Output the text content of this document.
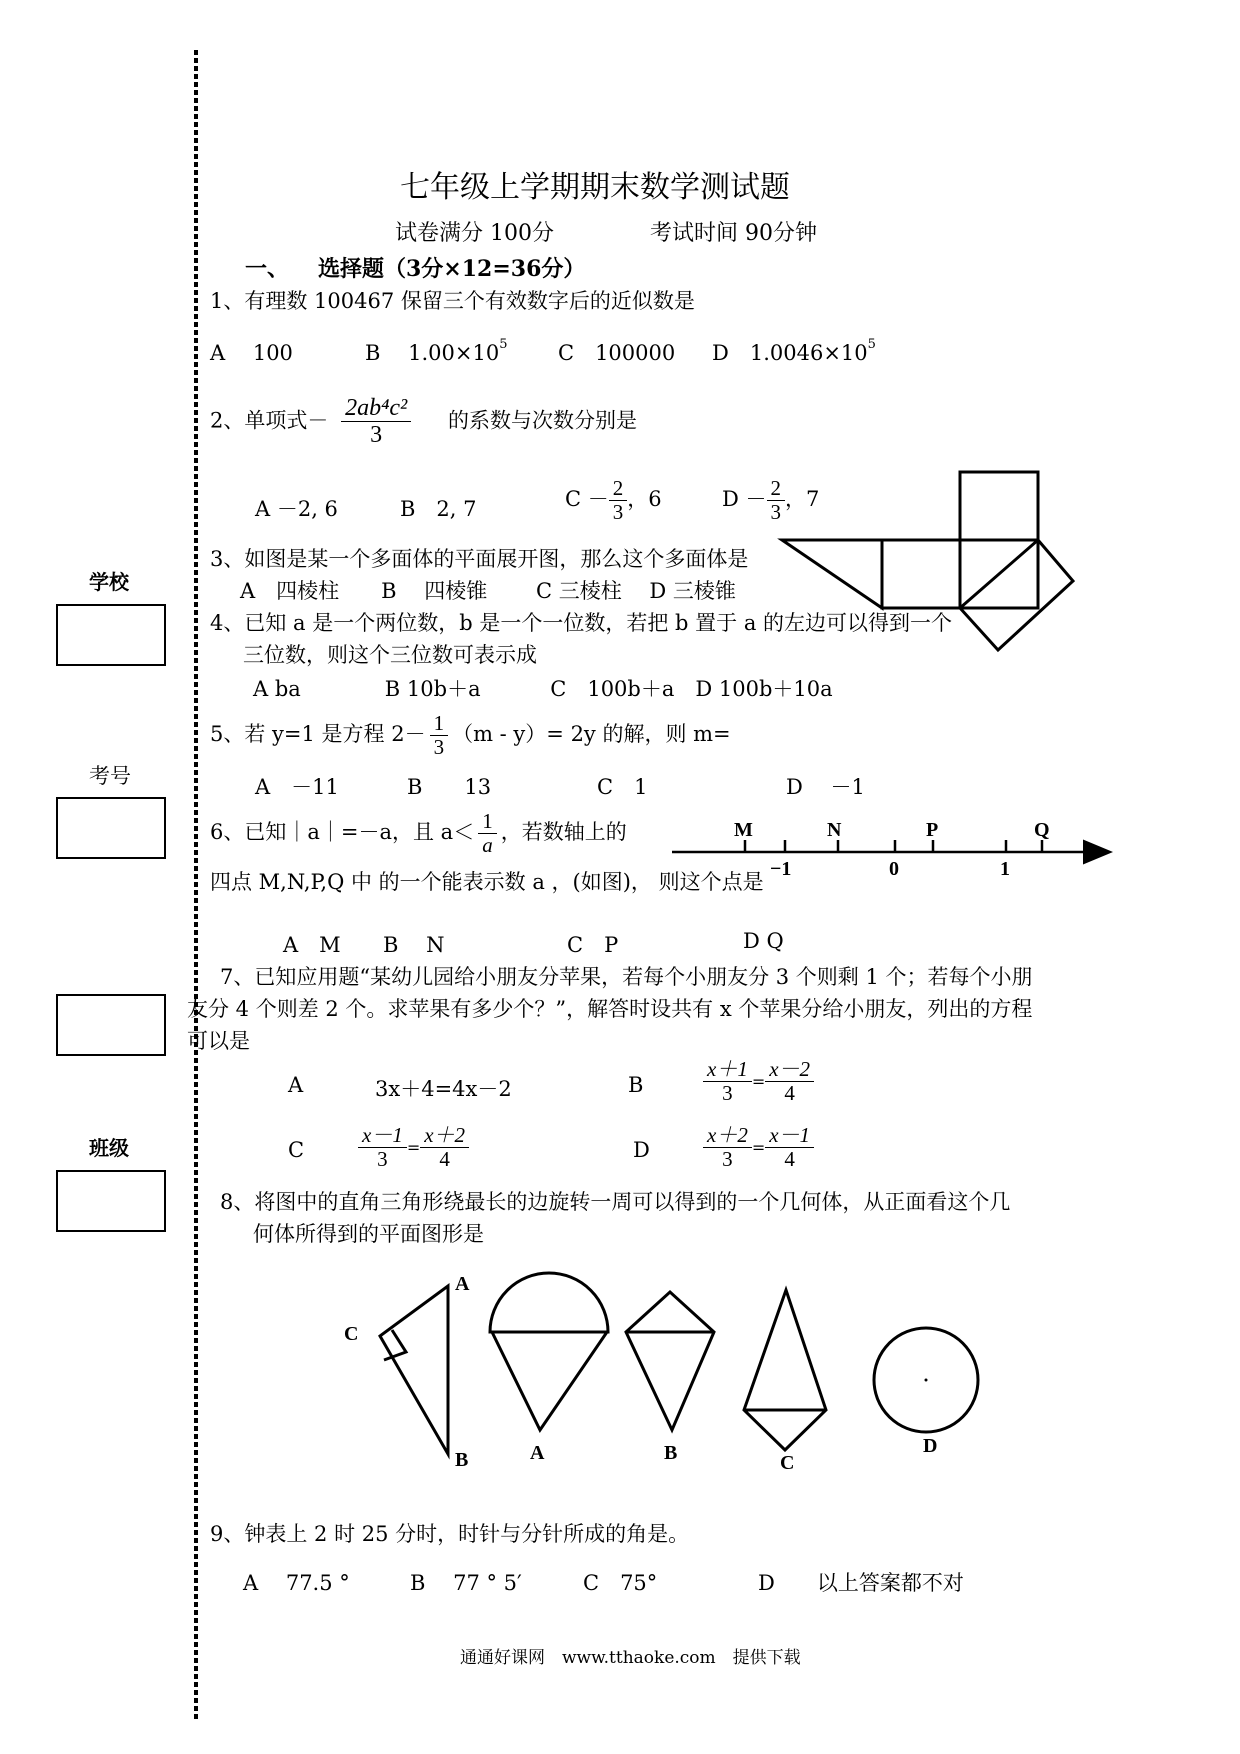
学校
考号
班级
七年级上学期期末数学测试题
试卷满分 100分	考试时间 90分钟
一、 选择题（3分×12=36分）
1、有理数 100467 保留三个有效数字后的近似数是
A　 100	B　 $1.00\times 10^5$ C　100000 D　$1.0046\times 10^5$
2、单项式－ $\frac{\text{2ab⁴c²}}{3}$ 的系数与次数分别是
A －2, 6	B　2, 7	$C - \frac{2}{3}$ ，6	$D - \frac{2}{3}$ ，7
3、如图是某一个多面体的平面展开图，那么这个多面体是
A　四棱柱　　B　 四棱锥　　 C 三棱柱　 D 三棱锥
4、已知 a 是一个两位数，b 是一个一位数，若把 b 置于 a 的左边可以得到一个
三位数，则这个三位数可表示成
A ba　　　　B 10b＋a　　　 C　100b＋a　D 100b＋10a
5、若 y=1 是方程 $2- \frac{1}{3} (m - y)= 2y$ 的解，则 m=
A　－11	B　　13	C　1	D　 －1
6、已知｜a｜=－a，且 $a< \frac{1}{a}$ ，若数轴上的	M	N	P	Q
−1	0	1
四点 M,N,P,Q 中 的一个能表示数 a ，(如图)， 则这个点是
A　M B　 N	C　P	D Q
7、已知应用题“某幼儿园给小朋友分苹果，若每个小朋友分 3 个则剩 1 个；若每个小朋
友分 4 个则差 2 个。求苹果有多少个？”，解答时设共有 x 个苹果分给小朋友，列出的方程
可以是
A	3x＋4=4x－2	B	$\frac{x+1}{3} = \frac{x-2}{4}$
C	$\frac{x-1}{3} = \frac{x+2}{4}$	D	$\frac{x+2}{3} = \frac{x-1}{4}$
8、将图中的直角三角形绕最长的边旋转一周可以得到的一个几何体，从正面看这个几
何体所得到的平面图形是
A
B
C
A	B	C
D
9、钟表上 2 时 25 分时，时针与分针所成的角是。
A　 77.5 °	B　 77 ° 5′	C　75°	D　　以上答案都不对
通通好课网　www.tthaoke.com　提供下载
